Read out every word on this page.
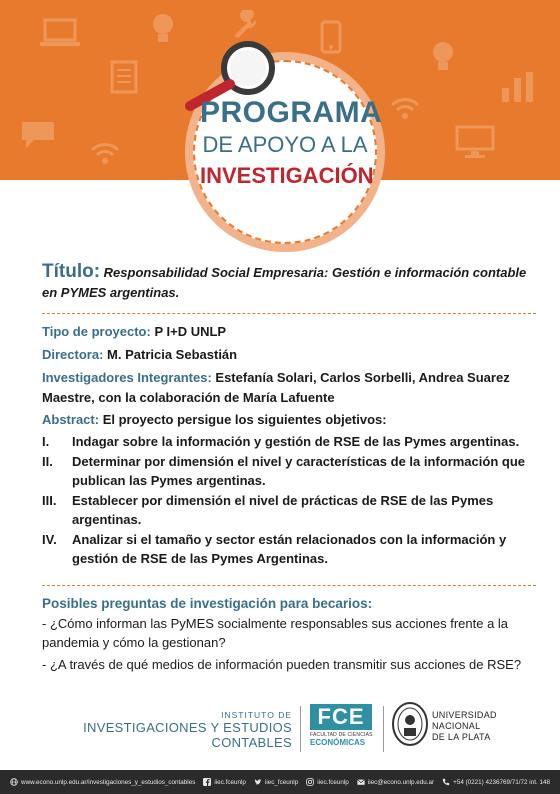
PROGRAMA
DE APOYO A LA
INVESTIGACIÓN
Título: Responsabilidad Social Empresaria: Gestión e información contable en PYMES argentinas.
Tipo de proyecto: P I+D UNLP
Directora: M. Patricia Sebastián
Investigadores Integrantes: Estefanía Solari, Carlos Sorbelli, Andrea Suarez Maestre, con la colaboración de María Lafuente
Abstract: El proyecto persigue los siguientes objetivos:
I.	Indagar sobre la información y gestión de RSE de las Pymes argentinas.
II.	Determinar por dimensión el nivel y características de la información que publican las Pymes argentinas.
III.	Establecer por dimensión el nivel de prácticas de RSE de las Pymes argentinas.
IV.	Analizar si el tamaño y sector están relacionados con la información y gestión de RSE de las Pymes Argentinas.
Posibles preguntas de investigación para becarios:
- ¿Cómo informan las PyMES socialmente responsables sus acciones frente a la pandemia y cómo la gestionan?
- ¿A través de qué medios de información pueden transmitir sus acciones de RSE?
INSTITUTO DE
INVESTIGACIONES Y ESTUDIOS CONTABLES
FCE
FACULTAD DE CIENCIAS
ECONÓMICAS
UNIVERSIDAD
NACIONAL
DE LA PLATA
www.econo.unlp.edu.ar/investigaciones_y_estudios_contables	iiec.fceunlp	iiec_fceunlp	iiec.fceunlp	iiec@econo.unlp.edu.ar	+54 (0221) 4236769/71/72 int. 148
